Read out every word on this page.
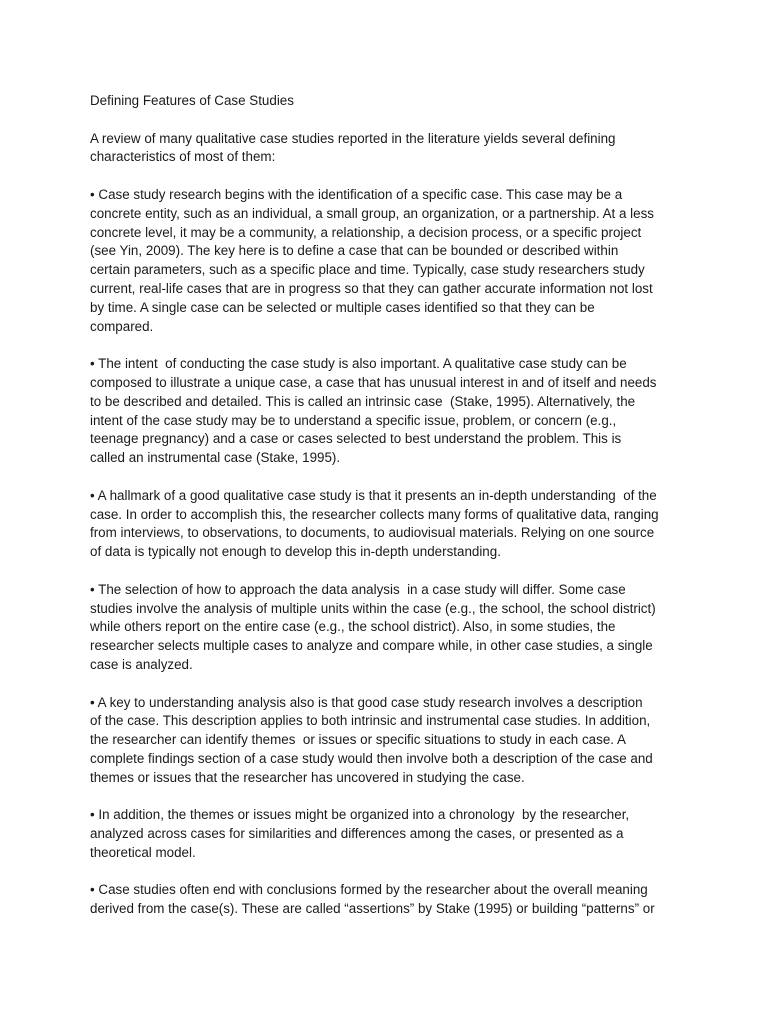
Defining Features of Case Studies

A review of many qualitative case studies reported in the literature yields several defining
characteristics of most of them:

• Case study research begins with the identification of a specific case. This case may be a
concrete entity, such as an individual, a small group, an organization, or a partnership. At a less
concrete level, it may be a community, a relationship, a decision process, or a specific project
(see Yin, 2009). The key here is to define a case that can be bounded or described within
certain parameters, such as a specific place and time. Typically, case study researchers study
current, real-life cases that are in progress so that they can gather accurate information not lost
by time. A single case can be selected or multiple cases identified so that they can be
compared.

• The intent  of conducting the case study is also important. A qualitative case study can be
composed to illustrate a unique case, a case that has unusual interest in and of itself and needs
to be described and detailed. This is called an intrinsic case  (Stake, 1995). Alternatively, the
intent of the case study may be to understand a specific issue, problem, or concern (e.g.,
teenage pregnancy) and a case or cases selected to best understand the problem. This is
called an instrumental case (Stake, 1995).

• A hallmark of a good qualitative case study is that it presents an in-depth understanding  of the
case. In order to accomplish this, the researcher collects many forms of qualitative data, ranging
from interviews, to observations, to documents, to audiovisual materials. Relying on one source
of data is typically not enough to develop this in-depth understanding.

• The selection of how to approach the data analysis  in a case study will differ. Some case
studies involve the analysis of multiple units within the case (e.g., the school, the school district)
while others report on the entire case (e.g., the school district). Also, in some studies, the
researcher selects multiple cases to analyze and compare while, in other case studies, a single
case is analyzed.

• A key to understanding analysis also is that good case study research involves a description
of the case. This description applies to both intrinsic and instrumental case studies. In addition,
the researcher can identify themes  or issues or specific situations to study in each case. A
complete findings section of a case study would then involve both a description of the case and
themes or issues that the researcher has uncovered in studying the case.

• In addition, the themes or issues might be organized into a chronology  by the researcher,
analyzed across cases for similarities and differences among the cases, or presented as a
theoretical model.

• Case studies often end with conclusions formed by the researcher about the overall meaning
derived from the case(s). These are called “assertions” by Stake (1995) or building “patterns” or
